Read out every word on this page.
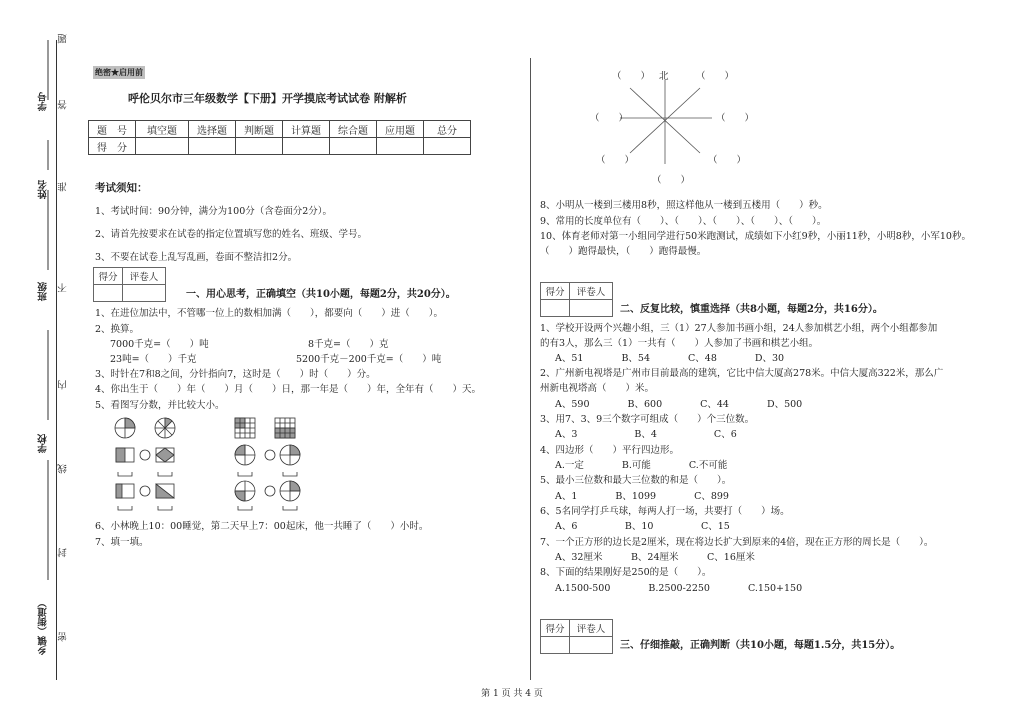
题
答
学号
准
姓名
不
班级
内
学校
线
封
乡镇（街道） 密
绝密★启用前
呼伦贝尔市三年级数学【下册】开学摸底考试试卷 附解析
题　号	填空题	选择题	判断题	计算题	综合题	应用题	总分
得　分							
考试须知：
1、考试时间：90分钟，满分为100分（含卷面分2分）。
2、请首先按要求在试卷的指定位置填写您的姓名、班级、学号。
3、不要在试卷上乱写乱画，卷面不整洁扣2分。
得分	评卷人

一、用心思考，正确填空（共10小题，每题2分，共20分）。
1、在进位加法中，不管哪一位上的数相加满（　　），都要向（　　）进（　　）。
2、换算。
7000千克=（　　）吨	8千克=（　　）克
23吨=（　　）千克	5200千克－200千克=（　　）吨
3、时针在7和8之间，分针指向7，这时是（　　）时（　　）分。
4、你出生于（　　）年（　　）月（　　）日，那一年是（　　）年，全年有（　　）天。
5、看图写分数，并比较大小。
6、小林晚上10：00睡觉，第二天早上7：00起床，他一共睡了（　　）小时。
7、填一填。
北
（　　）	（　　）
（　　）	（　　）
（　　）	（　　）
（　　）
8、小明从一楼到三楼用8秒，照这样他从一楼到五楼用（　　）秒。
9、常用的长度单位有（　　）、（　　）、（　　）、（　　）、（　　）。
10、体育老师对第一小组同学进行50米跑测试，成绩如下小红9秒，小丽11秒，小明8秒，小军10秒。
（　　）跑得最快，（　　）跑得最慢。
得分	评卷人

二、反复比较，慎重选择（共8小题，每题2分，共16分）。
1、学校开设两个兴趣小组，三（1）27人参加书画小组，24人参加棋艺小组，两个小组都参加
的有3人，那么三（1）一共有（　　）人参加了书画和棋艺小组。
A、51　　　　B、54　　　　C、48　　　　D、30
2、广州新电视塔是广州市目前最高的建筑，它比中信大厦高278米。中信大厦高322米，那么广
州新电视塔高（　　）米。
A、590　　　　B、600　　　　C、44　　　　D、500
3、用7、3、9三个数字可组成（　　）个三位数。
A、3　　　　　　B、4　　　　　　C、6
4、四边形（　　）平行四边形。
A.一定　　　　B.可能　　　　C.不可能
5、最小三位数和最大三位数的和是（　　）。
A、1　　　　B、1099　　　　C、899
6、5名同学打乒乓球，每两人打一场，共要打（　　）场。
A、6　　　　　B、10　　　　　C、15
7、一个正方形的边长是2厘米，现在将边长扩大到原来的4倍，现在正方形的周长是（　　）。
A、32厘米　　　B、24厘米　　　C、16厘米
8、下面的结果刚好是250的是（　　）。
A.1500-500　　　　B.2500-2250　　　　C.150+150
得分	评卷人

三、仔细推敲，正确判断（共10小题，每题1.5分，共15分）。
第 1 页 共 4 页
